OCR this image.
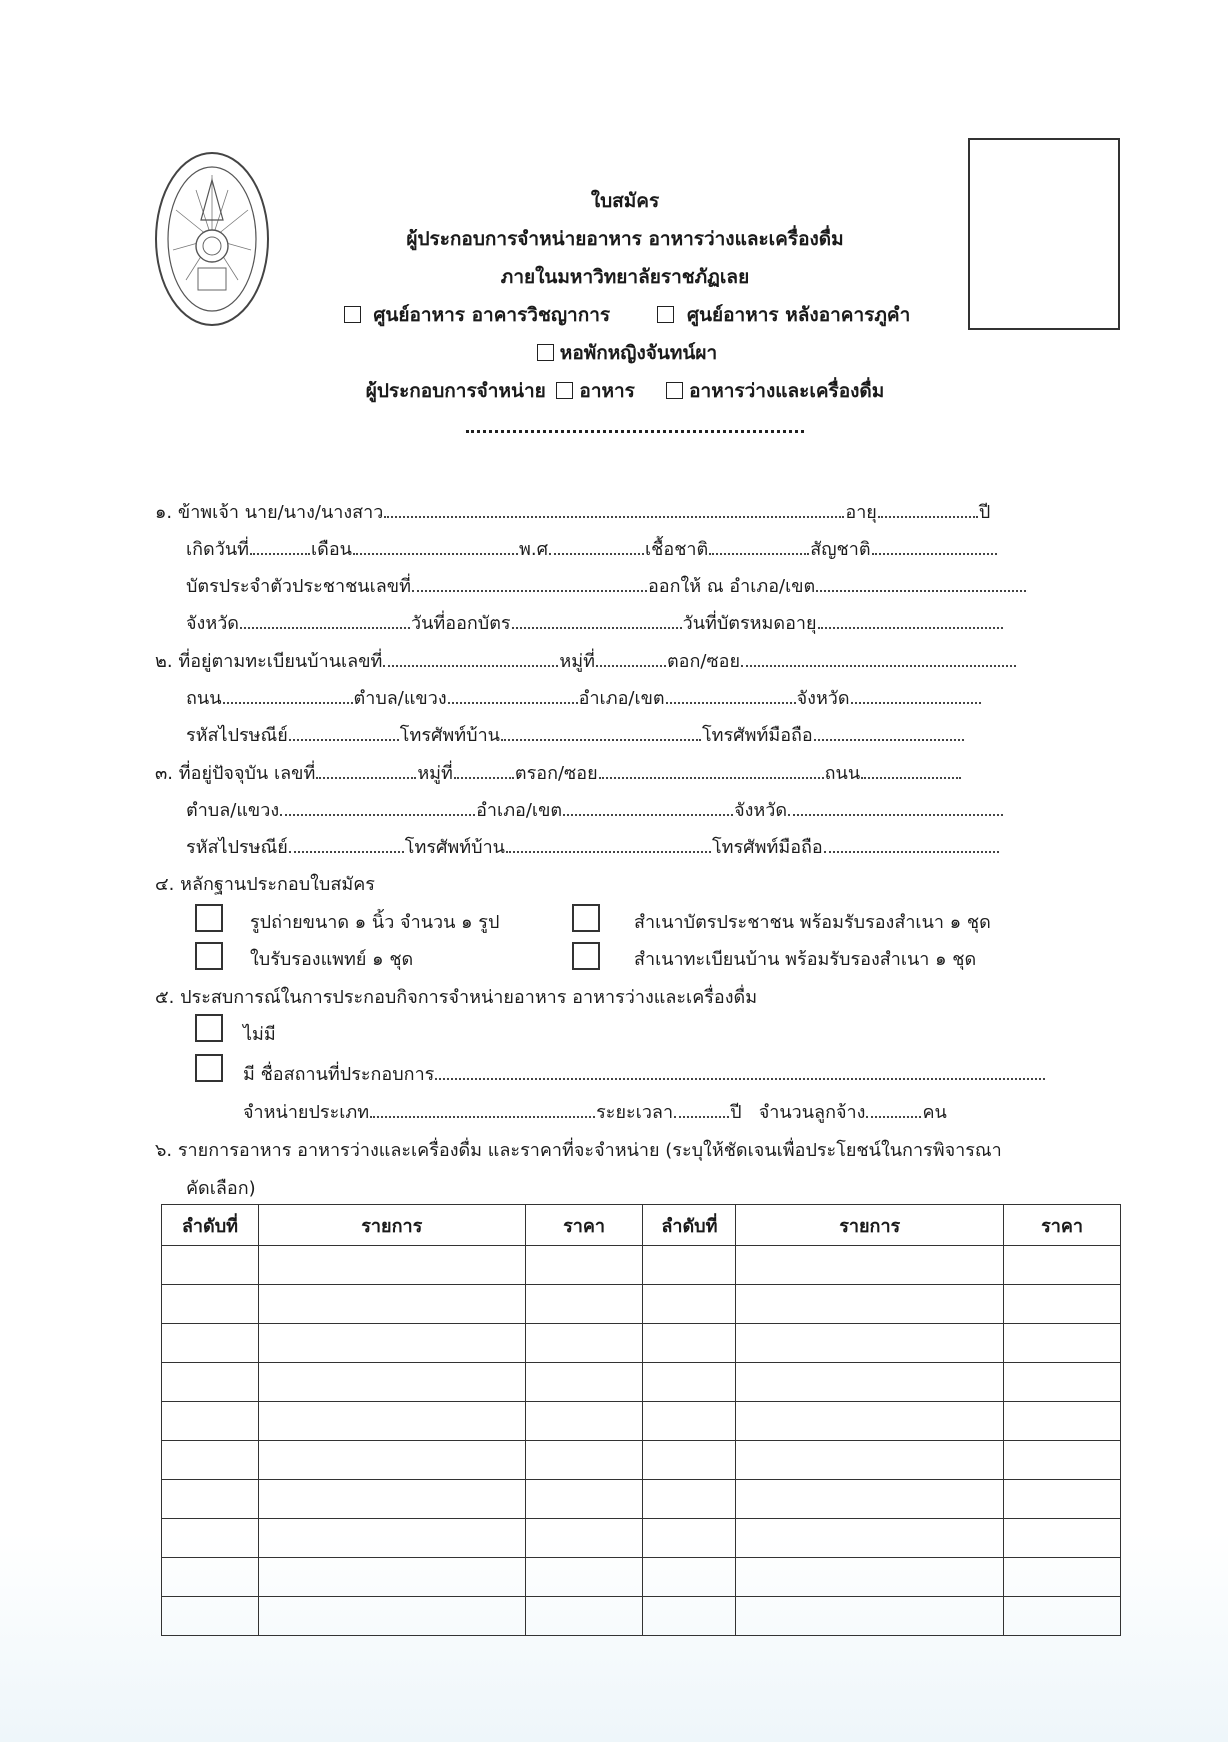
ใบสมัคร
ผู้ประกอบการจำหน่ายอาหาร อาหารว่างและเครื่องดื่ม
ภายในมหาวิทยาลัยราชภัฏเลย
ศูนย์อาหาร อาคารวิชญาการ	ศูนย์อาหาร หลังอาคารภูคำ
หอพักหญิงจันทน์ผา
ผู้ประกอบการจำหน่าย อาหาร	อาหารว่างและเครื่องดื่ม
๑. ข้าพเจ้า นาย/นาง/นางสาว	อายุ	ปี
เกิดวันที่	เดือน	พ.ศ	เชื้อชาติ	สัญชาติ
บัตรประจำตัวประชาชนเลขที่	ออกให้ ณ อำเภอ/เขต
จังหวัด	วันที่ออกบัตร	วันที่บัตรหมดอายุ
๒. ที่อยู่ตามทะเบียนบ้านเลขที่	หมู่ที่	ตอก/ซอย
ถนน	ตำบล/แขวง	อำเภอ/เขต	จังหวัด
รหัสไปรษณีย์	โทรศัพท์บ้าน	โทรศัพท์มือถือ
๓. ที่อยู่ปัจจุบัน เลขที่	หมู่ที่	ตรอก/ซอย	ถนน
ตำบล/แขวง	อำเภอ/เขต	จังหวัด
รหัสไปรษณีย์	โทรศัพท์บ้าน	โทรศัพท์มือถือ
๔. หลักฐานประกอบใบสมัคร
รูปถ่ายขนาด ๑ นิ้ว จำนวน ๑ รูป	สำเนาบัตรประชาชน พร้อมรับรองสำเนา ๑ ชุด
ใบรับรองแพทย์ ๑ ชุด	สำเนาทะเบียนบ้าน พร้อมรับรองสำเนา ๑ ชุด
๕. ประสบการณ์ในการประกอบกิจการจำหน่ายอาหาร อาหารว่างและเครื่องดื่ม
ไม่มี
มี ชื่อสถานที่ประกอบการ
จำหน่ายประเภท	ระยะเวลา	ปี จำนวนลูกจ้าง	คน
๖. รายการอาหาร อาหารว่างและเครื่องดื่ม และราคาที่จะจำหน่าย (ระบุให้ชัดเจนเพื่อประโยชน์ในการพิจารณา
คัดเลือก)
ลำดับที่	รายการ	ราคา	ลำดับที่	รายการ	ราคา
